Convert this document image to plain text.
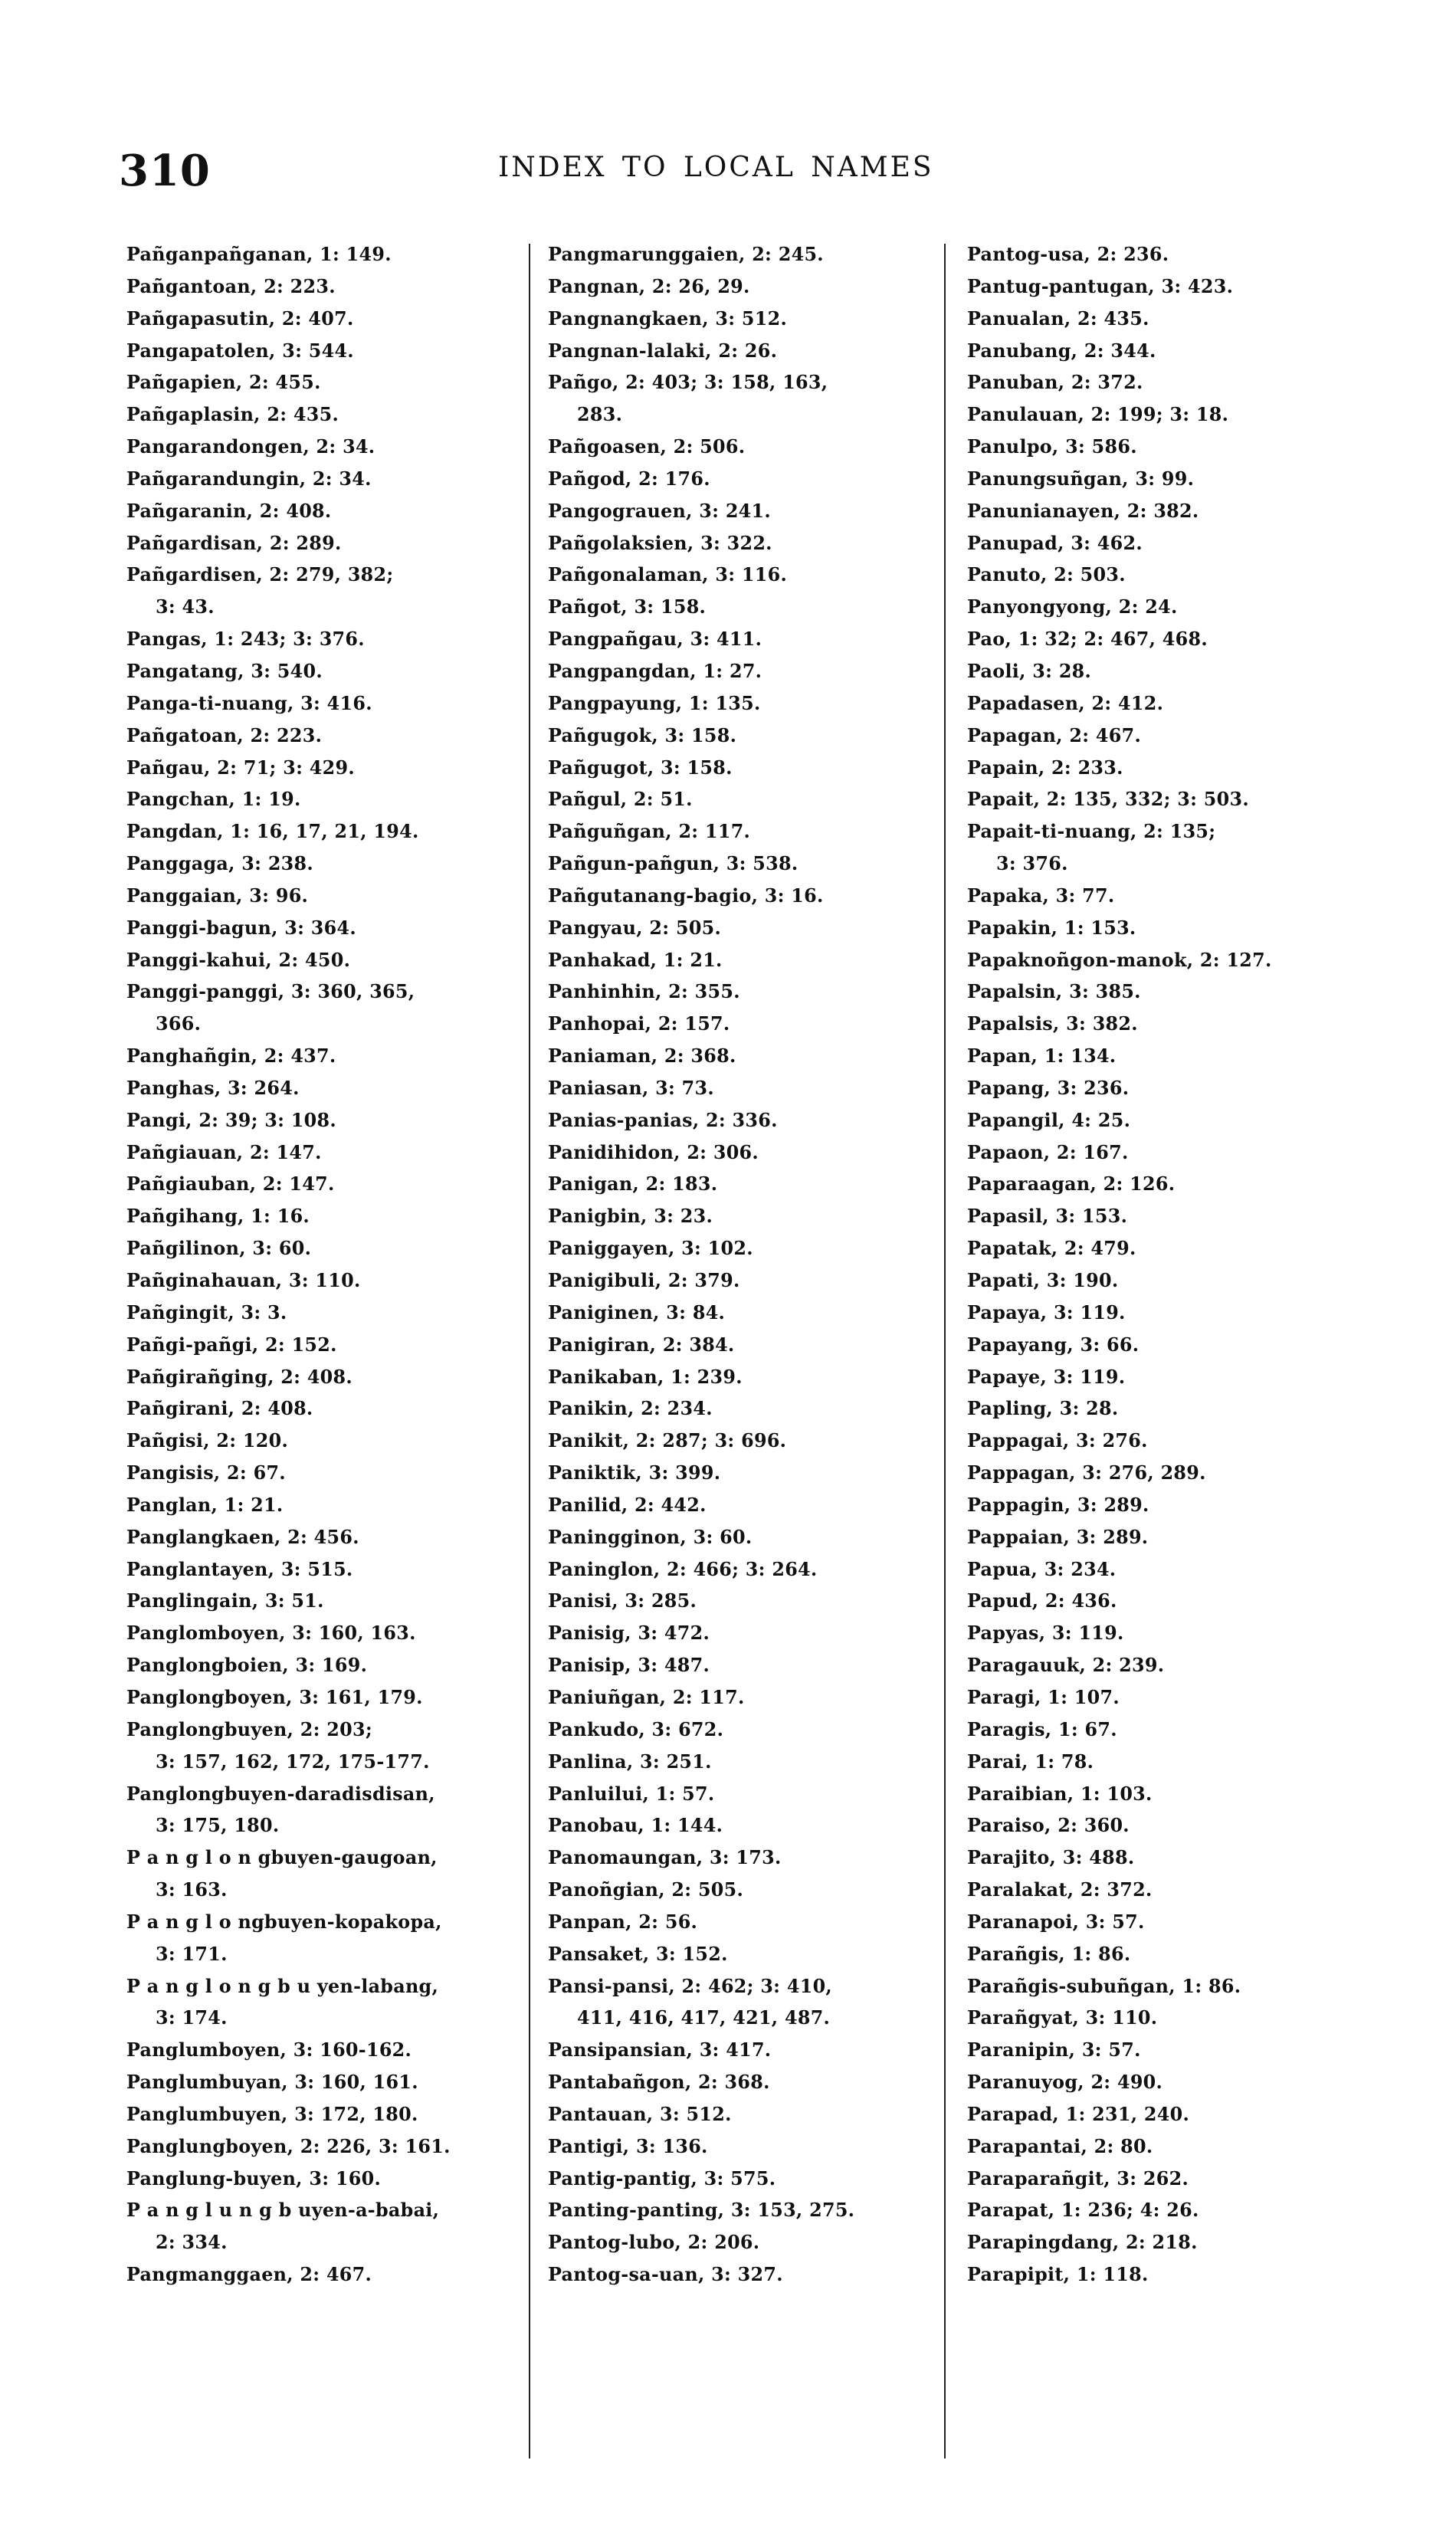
310	INDEX TO LOCAL NAMES
Pañganpañganan, 1: 149.
Pañgantoan, 2: 223.
Pañgapasutin, 2: 407.
Pangapatolen, 3: 544.
Pañgapien, 2: 455.
Pañgaplasin, 2: 435.
Pangarandongen, 2: 34.
Pañgarandungin, 2: 34.
Pañgaranin, 2: 408.
Pañgardisan, 2: 289.
Pañgardisen, 2: 279, 382;
3: 43.
Pangas, 1: 243; 3: 376.
Pangatang, 3: 540.
Panga-ti-nuang, 3: 416.
Pañgatoan, 2: 223.
Pañgau, 2: 71; 3: 429.
Pangchan, 1: 19.
Pangdan, 1: 16, 17, 21, 194.
Panggaga, 3: 238.
Panggaian, 3: 96.
Panggi-bagun, 3: 364.
Panggi-kahui, 2: 450.
Panggi-panggi, 3: 360, 365,
366.
Panghañgin, 2: 437.
Panghas, 3: 264.
Pangi, 2: 39; 3: 108.
Pañgiauan, 2: 147.
Pañgiauban, 2: 147.
Pañgihang, 1: 16.
Pañgilinon, 3: 60.
Pañginahauan, 3: 110.
Pañgingit, 3: 3.
Pañgi-pañgi, 2: 152.
Pañgirañging, 2: 408.
Pañgirani, 2: 408.
Pañgisi, 2: 120.
Pangisis, 2: 67.
Panglan, 1: 21.
Panglangkaen, 2: 456.
Panglantayen, 3: 515.
Panglingain, 3: 51.
Panglomboyen, 3: 160, 163.
Panglongboien, 3: 169.
Panglongboyen, 3: 161, 179.
Panglongbuyen, 2: 203;
3: 157, 162, 172, 175-177.
Panglongbuyen-daradisdisan,
3: 175, 180.
P a n g l o n gbuyen-gaugoan,
3: 163.
P a n g l o ngbuyen-kopakopa,
3: 171.
P a n g l o n g b u yen-labang,
3: 174.
Panglumboyen, 3: 160-162.
Panglumbuyan, 3: 160, 161.
Panglumbuyen, 3: 172, 180.
Panglungboyen, 2: 226, 3: 161.
Panglung-buyen, 3: 160.
P a n g l u n g b uyen-a-babai,
2: 334.
Pangmanggaen, 2: 467.
Pangmarunggaien, 2: 245.
Pangnan, 2: 26, 29.
Pangnangkaen, 3: 512.
Pangnan-lalaki, 2: 26.
Pañgo, 2: 403; 3: 158, 163,
283.
Pañgoasen, 2: 506.
Pañgod, 2: 176.
Pangograuen, 3: 241.
Pañgolaksien, 3: 322.
Pañgonalaman, 3: 116.
Pañgot, 3: 158.
Pangpañgau, 3: 411.
Pangpangdan, 1: 27.
Pangpayung, 1: 135.
Pañgugok, 3: 158.
Pañgugot, 3: 158.
Pañgul, 2: 51.
Pañguñgan, 2: 117.
Pañgun-pañgun, 3: 538.
Pañgutanang-bagio, 3: 16.
Pangyau, 2: 505.
Panhakad, 1: 21.
Panhinhin, 2: 355.
Panhopai, 2: 157.
Paniaman, 2: 368.
Paniasan, 3: 73.
Panias-panias, 2: 336.
Panidihidon, 2: 306.
Panigan, 2: 183.
Panigbin, 3: 23.
Paniggayen, 3: 102.
Panigibuli, 2: 379.
Paniginen, 3: 84.
Panigiran, 2: 384.
Panikaban, 1: 239.
Panikin, 2: 234.
Panikit, 2: 287; 3: 696.
Paniktik, 3: 399.
Panilid, 2: 442.
Paningginon, 3: 60.
Paninglon, 2: 466; 3: 264.
Panisi, 3: 285.
Panisig, 3: 472.
Panisip, 3: 487.
Paniuñgan, 2: 117.
Pankudo, 3: 672.
Panlina, 3: 251.
Panluilui, 1: 57.
Panobau, 1: 144.
Panomaungan, 3: 173.
Panoñgian, 2: 505.
Panpan, 2: 56.
Pansaket, 3: 152.
Pansi-pansi, 2: 462; 3: 410,
411, 416, 417, 421, 487.
Pansipansian, 3: 417.
Pantabañgon, 2: 368.
Pantauan, 3: 512.
Pantigi, 3: 136.
Pantig-pantig, 3: 575.
Panting-panting, 3: 153, 275.
Pantog-lubo, 2: 206.
Pantog-sa-uan, 3: 327.
Pantog-usa, 2: 236.
Pantug-pantugan, 3: 423.
Panualan, 2: 435.
Panubang, 2: 344.
Panuban, 2: 372.
Panulauan, 2: 199; 3: 18.
Panulpo, 3: 586.
Panungsuñgan, 3: 99.
Panunianayen, 2: 382.
Panupad, 3: 462.
Panuto, 2: 503.
Panyongyong, 2: 24.
Pao, 1: 32; 2: 467, 468.
Paoli, 3: 28.
Papadasen, 2: 412.
Papagan, 2: 467.
Papain, 2: 233.
Papait, 2: 135, 332; 3: 503.
Papait-ti-nuang, 2: 135;
3: 376.
Papaka, 3: 77.
Papakin, 1: 153.
Papaknoñgon-manok, 2: 127.
Papalsin, 3: 385.
Papalsis, 3: 382.
Papan, 1: 134.
Papang, 3: 236.
Papangil, 4: 25.
Papaon, 2: 167.
Paparaagan, 2: 126.
Papasil, 3: 153.
Papatak, 2: 479.
Papati, 3: 190.
Papaya, 3: 119.
Papayang, 3: 66.
Papaye, 3: 119.
Papling, 3: 28.
Pappagai, 3: 276.
Pappagan, 3: 276, 289.
Pappagin, 3: 289.
Pappaian, 3: 289.
Papua, 3: 234.
Papud, 2: 436.
Papyas, 3: 119.
Paragauuk, 2: 239.
Paragi, 1: 107.
Paragis, 1: 67.
Parai, 1: 78.
Paraibian, 1: 103.
Paraiso, 2: 360.
Parajito, 3: 488.
Paralakat, 2: 372.
Paranapoi, 3: 57.
Parañgis, 1: 86.
Parañgis-subuñgan, 1: 86.
Parañgyat, 3: 110.
Paranipin, 3: 57.
Paranuyog, 2: 490.
Parapad, 1: 231, 240.
Parapantai, 2: 80.
Paraparañgit, 3: 262.
Parapat, 1: 236; 4: 26.
Parapingdang, 2: 218.
Parapipit, 1: 118.
